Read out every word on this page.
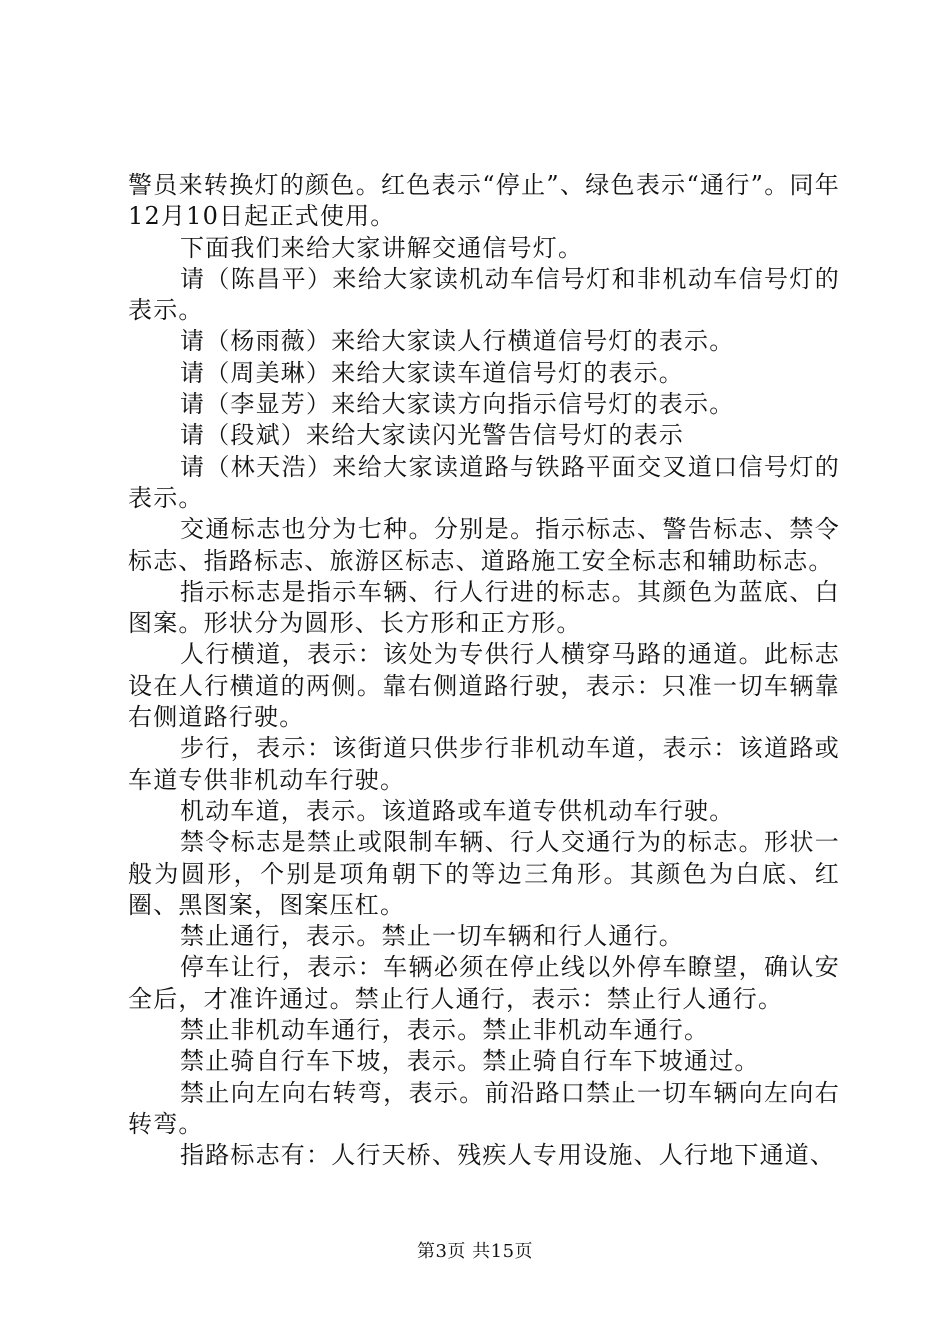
警员来转换灯的颜色。红色表示“停止”、绿色表示“通行”。同年12月10日起正式使用。

下面我们来给大家讲解交通信号灯。

请（陈昌平）来给大家读机动车信号灯和非机动车信号灯的表示。

请（杨雨薇）来给大家读人行横道信号灯的表示。

请（周美琳）来给大家读车道信号灯的表示。

请（李显芳）来给大家读方向指示信号灯的表示。

请（段斌）来给大家读闪光警告信号灯的表示

请（林天浩）来给大家读道路与铁路平面交叉道口信号灯的表示。

交通标志也分为七种。分别是。指示标志、警告标志、禁令标志、指路标志、旅游区标志、道路施工安全标志和辅助标志。

指示标志是指示车辆、行人行进的标志。其颜色为蓝底、白图案。形状分为圆形、长方形和正方形。

人行横道，表示：该处为专供行人横穿马路的通道。此标志设在人行横道的两侧。靠右侧道路行驶，表示：只准一切车辆靠右侧道路行驶。

步行，表示：该街道只供步行非机动车道，表示：该道路或车道专供非机动车行驶。

机动车道，表示。该道路或车道专供机动车行驶。

禁令标志是禁止或限制车辆、行人交通行为的标志。形状一般为圆形，个别是项角朝下的等边三角形。其颜色为白底、红圈、黑图案，图案压杠。

禁止通行，表示。禁止一切车辆和行人通行。

停车让行，表示：车辆必须在停止线以外停车瞭望，确认安全后，才准许通过。禁止行人通行，表示：禁止行人通行。

禁止非机动车通行，表示。禁止非机动车通行。

禁止骑自行车下坡，表示。禁止骑自行车下坡通过。

禁止向左向右转弯，表示。前沿路口禁止一切车辆向左向右转弯。

指路标志有：人行天桥、残疾人专用设施、人行地下通道、

第3页 共15页
